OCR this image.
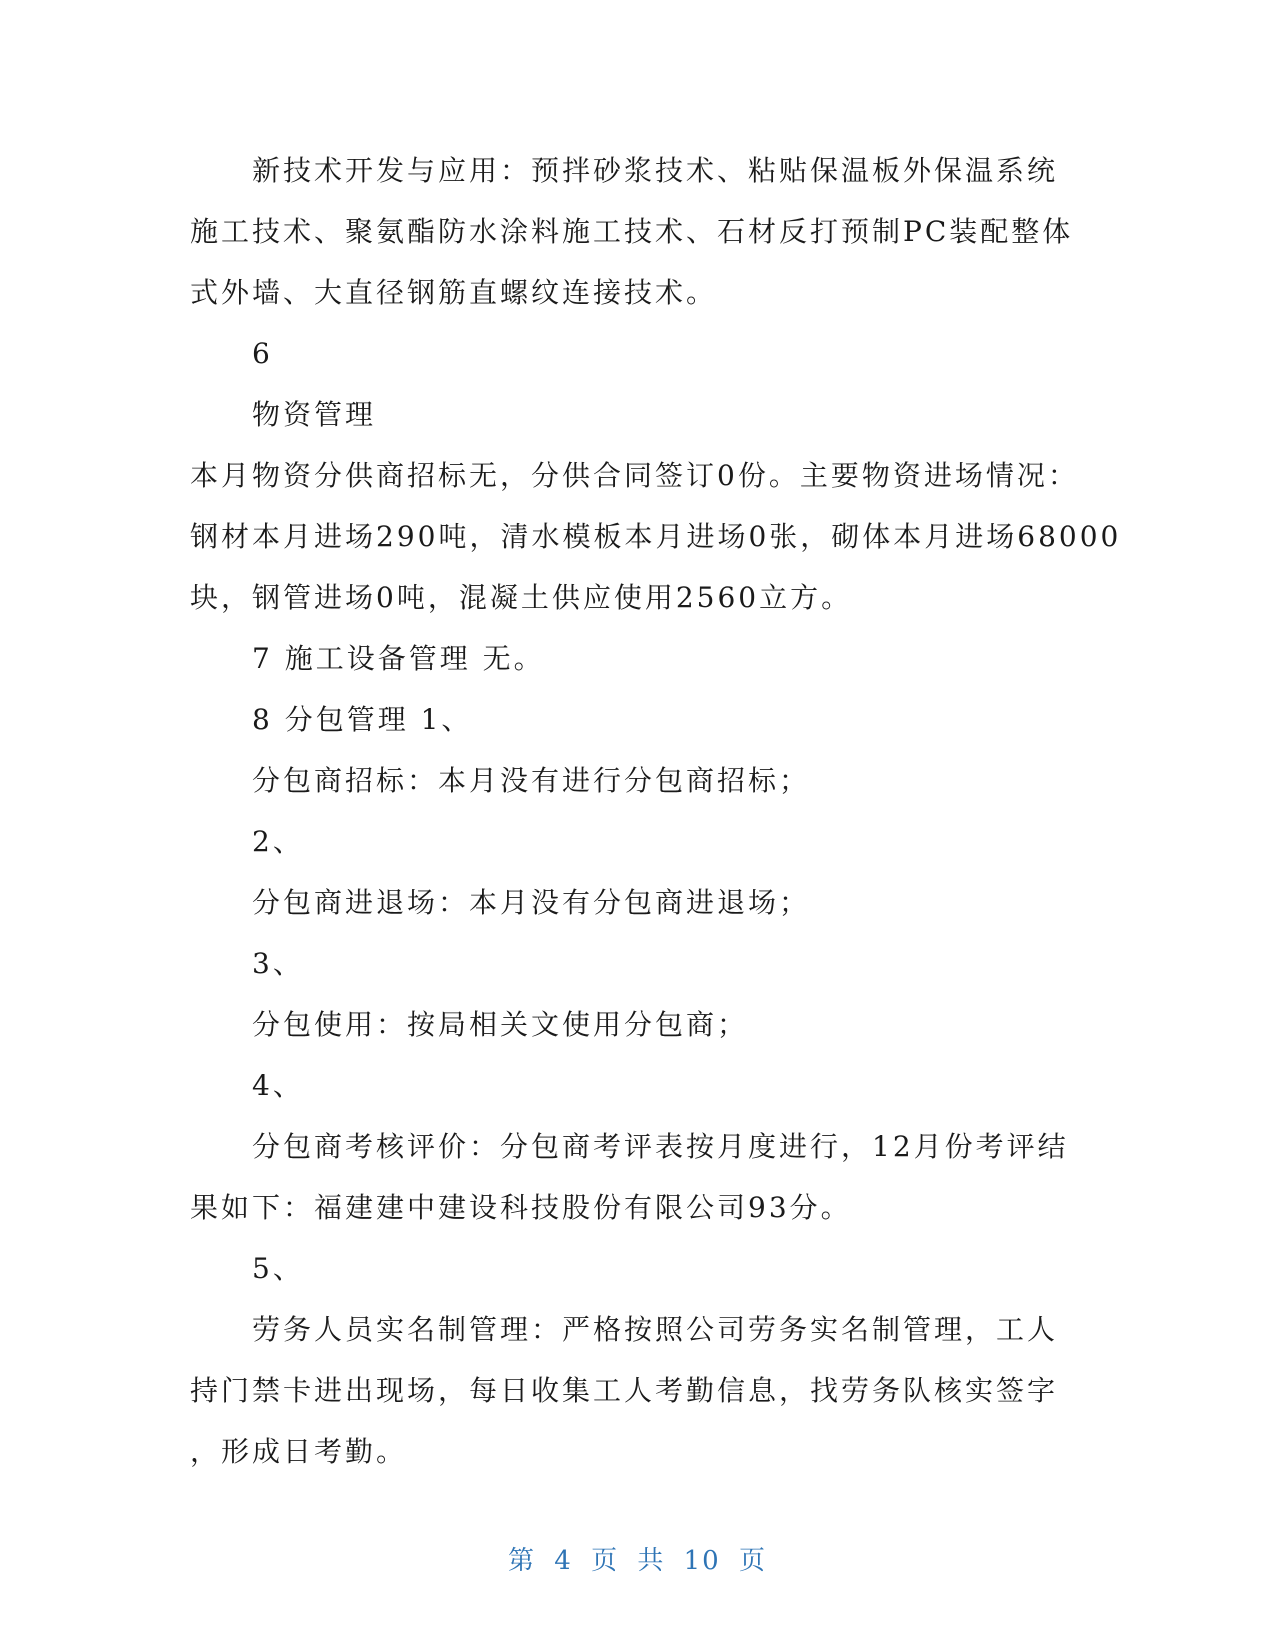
新技术开发与应用：预拌砂浆技术、粘贴保温板外保温系统
施工技术、聚氨酯防水涂料施工技术、石材反打预制PC装配整体
式外墙、大直径钢筋直螺纹连接技术。
6
物资管理
本月物资分供商招标无，分供合同签订0份。主要物资进场情况：
钢材本月进场290吨，清水模板本月进场0张，砌体本月进场68000
块，钢管进场0吨，混凝土供应使用2560立方。
7 施工设备管理 无。
8 分包管理 1、
分包商招标：本月没有进行分包商招标；
2、
分包商进退场：本月没有分包商进退场；
3、
分包使用：按局相关文使用分包商；
4、
分包商考核评价：分包商考评表按月度进行，12月份考评结
果如下：福建建中建设科技股份有限公司93分。
5、
劳务人员实名制管理：严格按照公司劳务实名制管理，工人
持门禁卡进出现场，每日收集工人考勤信息，找劳务队核实签字
，形成日考勤。
第 4 页 共 10 页
